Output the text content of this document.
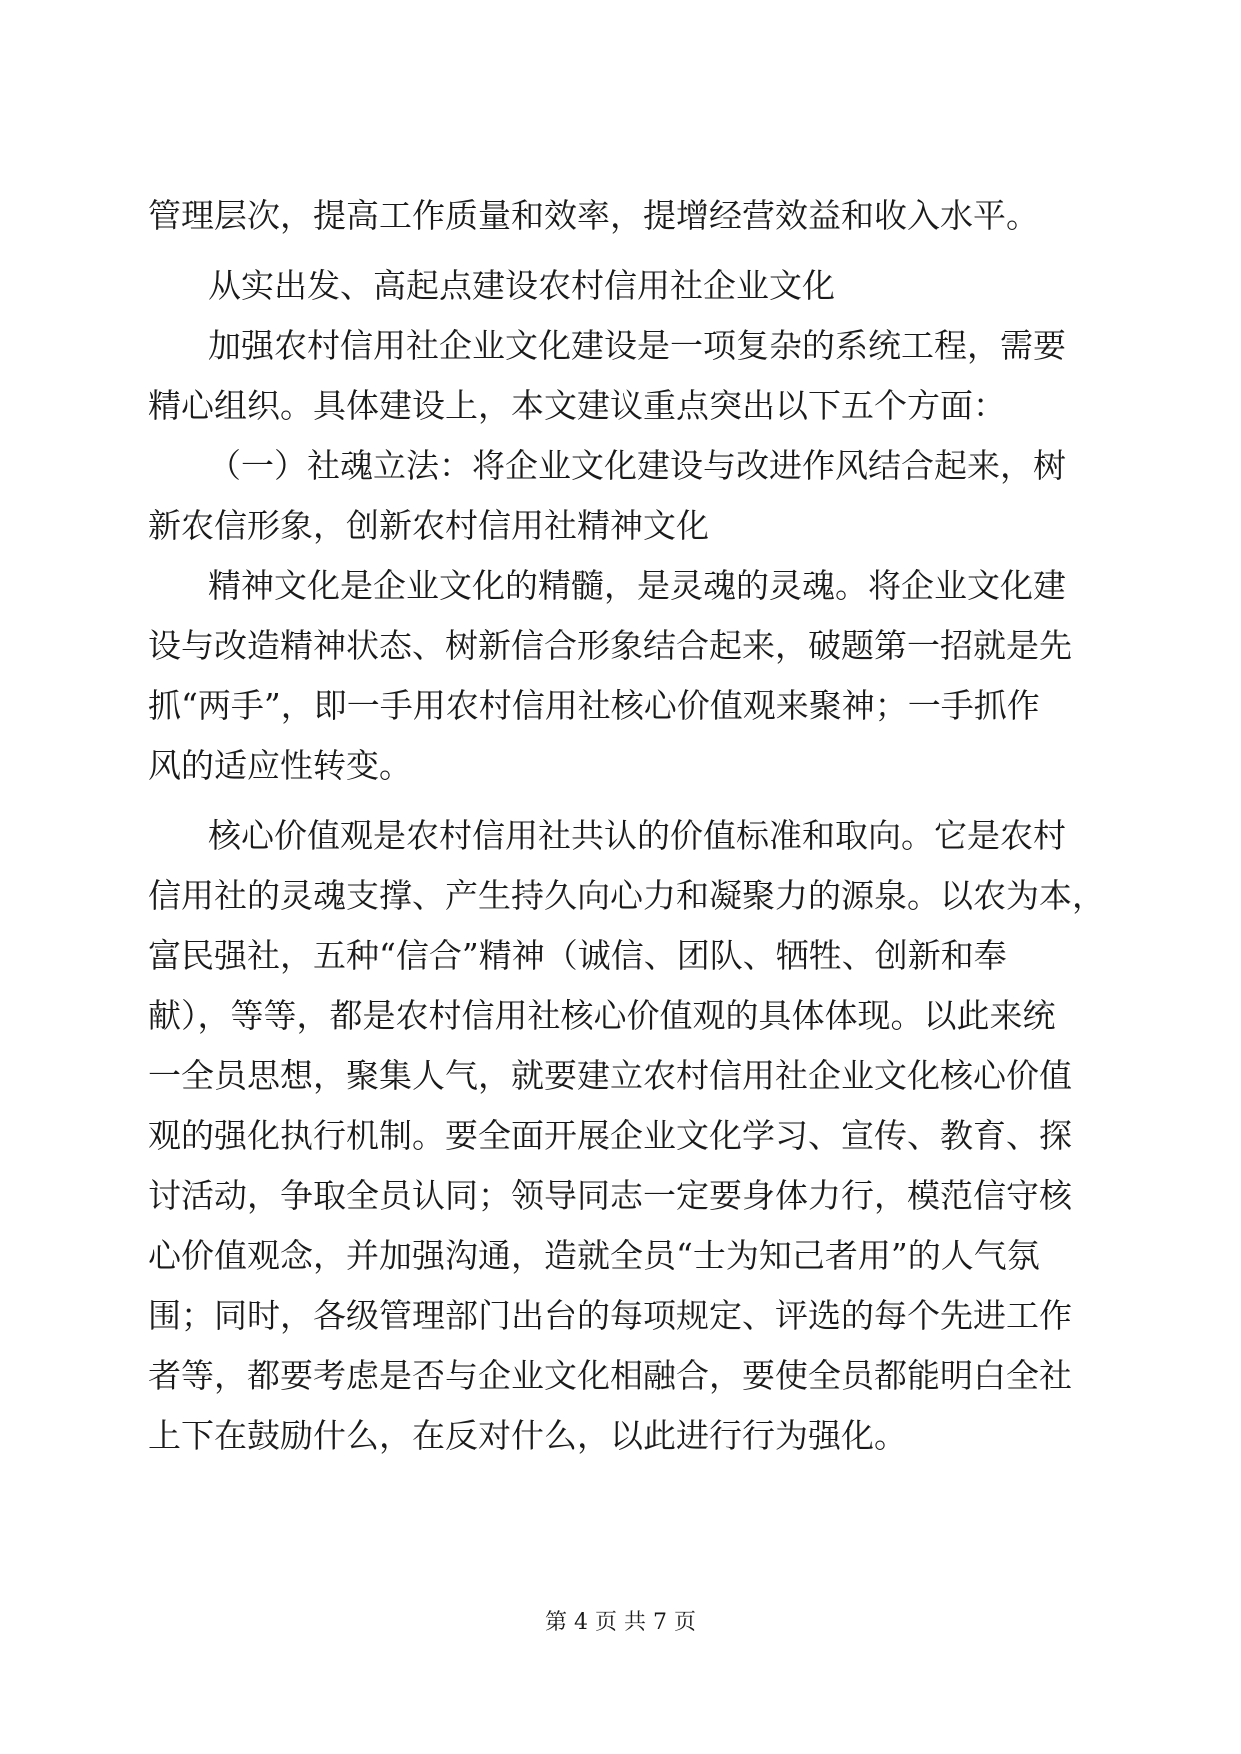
管理层次，提高工作质量和效率，提增经营效益和收入水平。
从实出发、高起点建设农村信用社企业文化
加强农村信用社企业文化建设是一项复杂的系统工程，需要
精心组织。具体建设上，本文建议重点突出以下五个方面：
（一）社魂立法：将企业文化建设与改进作风结合起来，树
新农信形象，创新农村信用社精神文化
精神文化是企业文化的精髓，是灵魂的灵魂。将企业文化建
设与改造精神状态、树新信合形象结合起来，破题第一招就是先
抓“两手”，即一手用农村信用社核心价值观来聚神；一手抓作
风的适应性转变。
核心价值观是农村信用社共认的价值标准和取向。它是农村
信用社的灵魂支撑、产生持久向心力和凝聚力的源泉。以农为本，
富民强社，五种“信合”精神（诚信、团队、牺牲、创新和奉
献），等等，都是农村信用社核心价值观的具体体现。以此来统
一全员思想，聚集人气，就要建立农村信用社企业文化核心价值
观的强化执行机制。要全面开展企业文化学习、宣传、教育、探
讨活动，争取全员认同；领导同志一定要身体力行，模范信守核
心价值观念，并加强沟通，造就全员“士为知己者用”的人气氛
围；同时，各级管理部门出台的每项规定、评选的每个先进工作
者等，都要考虑是否与企业文化相融合，要使全员都能明白全社
上下在鼓励什么，在反对什么，以此进行行为强化。
第 4 页 共 7 页
